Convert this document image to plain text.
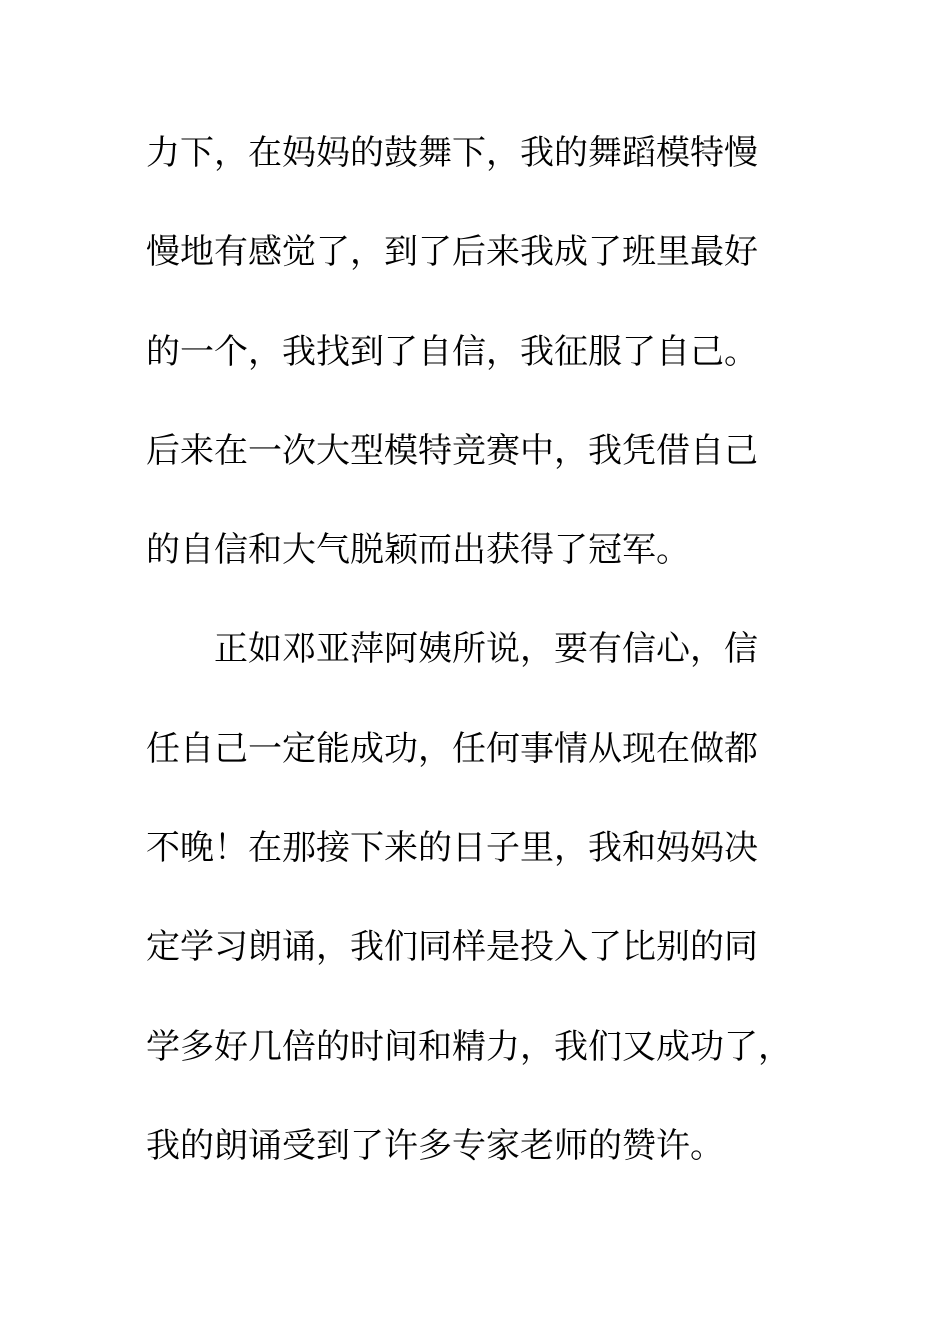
力下，在妈妈的鼓舞下，我的舞蹈模特慢
慢地有感觉了，到了后来我成了班里最好
的一个，我找到了自信，我征服了自己。
后来在一次大型模特竞赛中，我凭借自己
的自信和大气脱颖而出获得了冠军。
正如邓亚萍阿姨所说，要有信心，信
任自己一定能成功，任何事情从现在做都
不晚！在那接下来的日子里，我和妈妈决
定学习朗诵，我们同样是投入了比别的同
学多好几倍的时间和精力，我们又成功了，
我的朗诵受到了许多专家老师的赞许。
